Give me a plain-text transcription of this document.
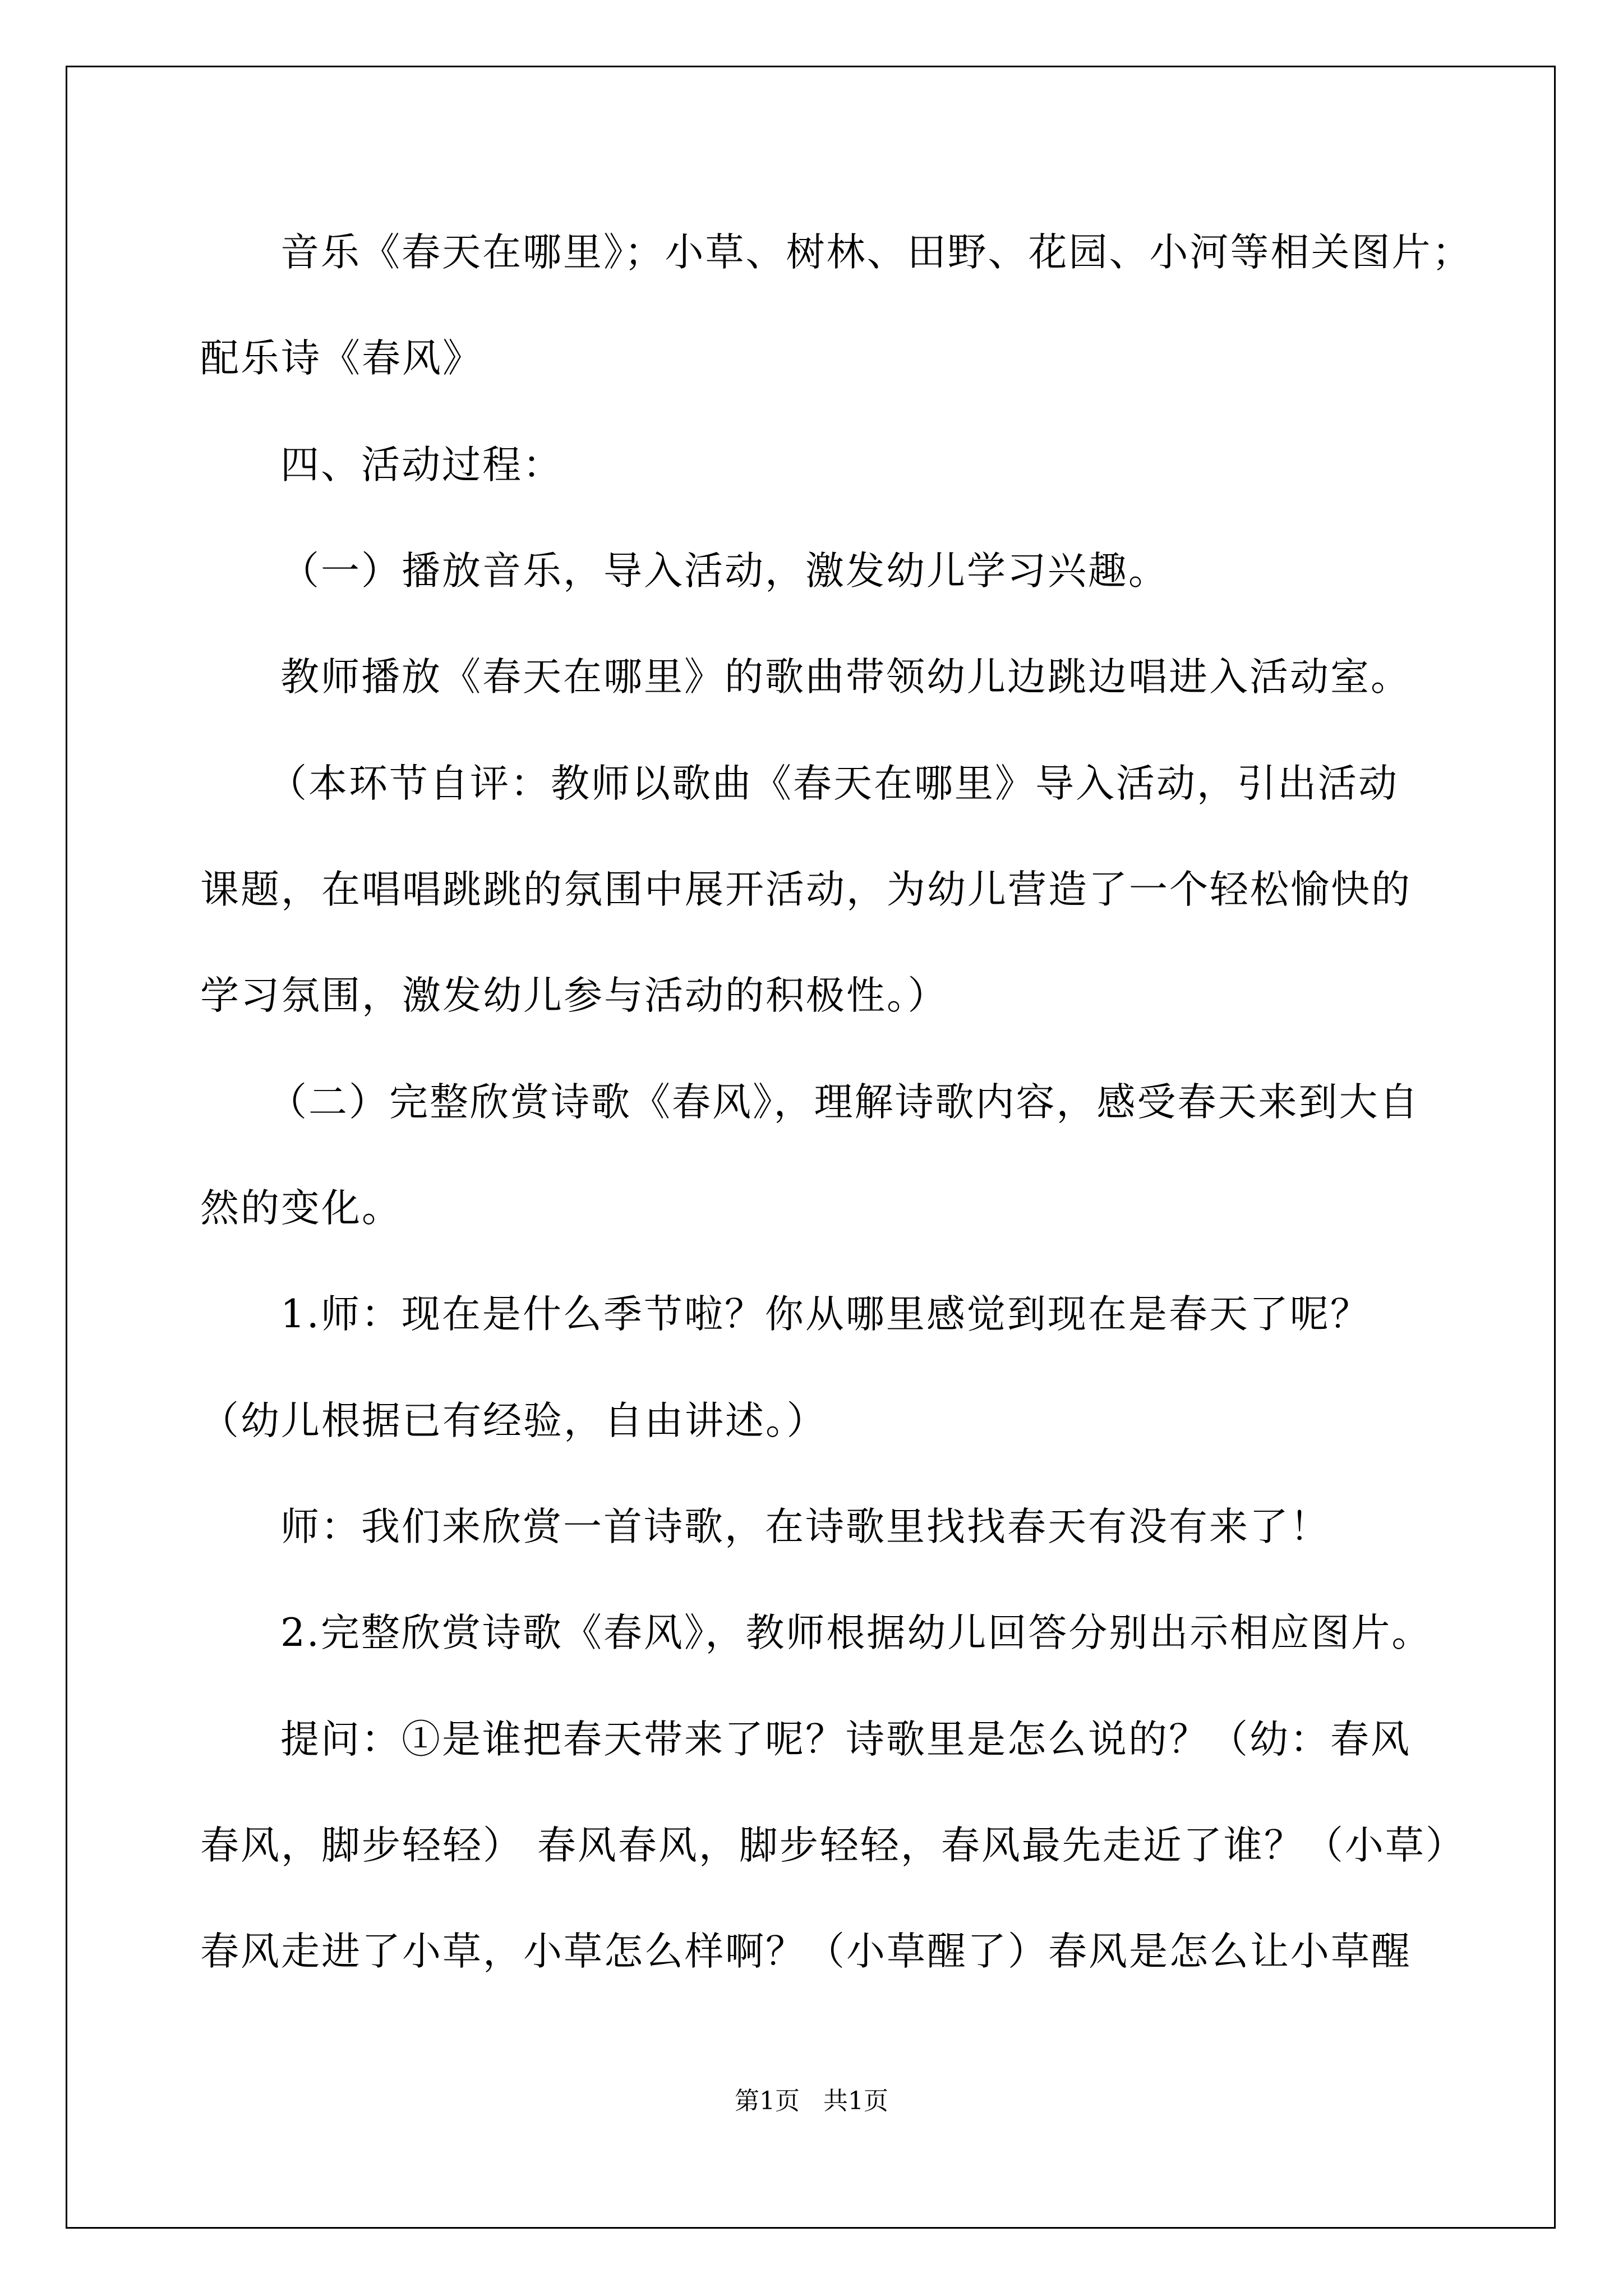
音乐《春天在哪里》；小草、树林、田野、花园、小河等相关图片；
配乐诗《春风》
四、活动过程：
（一）播放音乐，导入活动，激发幼儿学习兴趣。
教师播放《春天在哪里》的歌曲带领幼儿边跳边唱进入活动室。
（本环节自评：教师以歌曲《春天在哪里》导入活动，引出活动
课题，在唱唱跳跳的氛围中展开活动，为幼儿营造了一个轻松愉快的
学习氛围，激发幼儿参与活动的积极性。）
（二）完整欣赏诗歌《春风》，理解诗歌内容，感受春天来到大自
然的变化。
1.师：现在是什么季节啦？你从哪里感觉到现在是春天了呢？
（幼儿根据已有经验，自由讲述。）
师：我们来欣赏一首诗歌，在诗歌里找找春天有没有来了！
2.完整欣赏诗歌《春风》，教师根据幼儿回答分别出示相应图片。
提问：①是谁把春天带来了呢？诗歌里是怎么说的？（幼：春风
春风，脚步轻轻） 春风春风，脚步轻轻，春风最先走近了谁？（小草）
春风走进了小草，小草怎么样啊？（小草醒了）春风是怎么让小草醒
第1页   共1页
